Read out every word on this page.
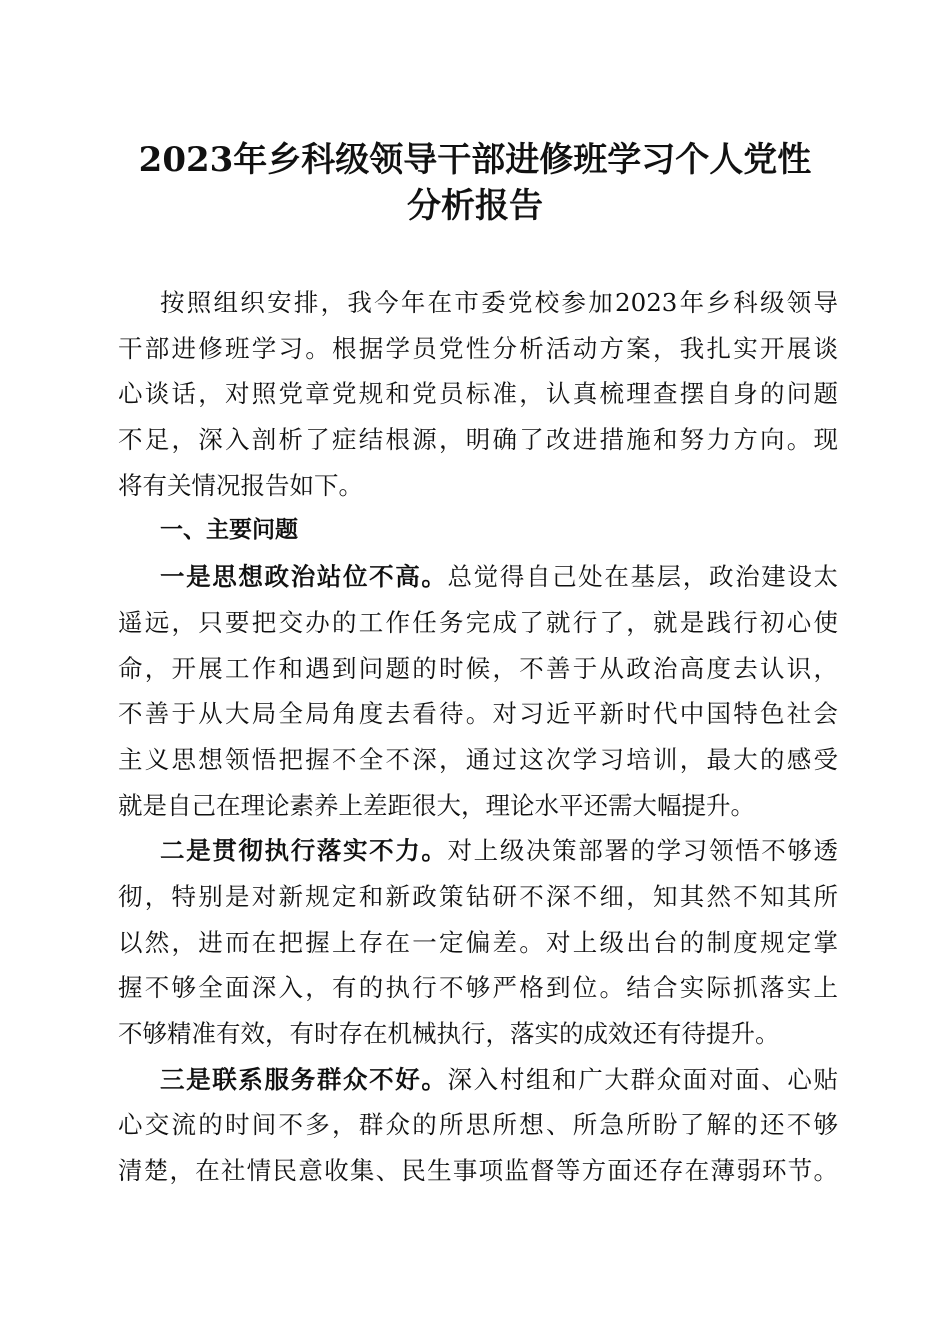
2023年乡科级领导干部进修班学习个人党性
分析报告
按照组织安排，我今年在市委党校参加2023年乡科级领导
干部进修班学习。根据学员党性分析活动方案，我扎实开展谈
心谈话，对照党章党规和党员标准，认真梳理查摆自身的问题
不足，深入剖析了症结根源，明确了改进措施和努力方向。现
将有关情况报告如下。
一、主要问题
一是思想政治站位不高。总觉得自己处在基层，政治建设太
遥远，只要把交办的工作任务完成了就行了，就是践行初心使
命，开展工作和遇到问题的时候，不善于从政治高度去认识，
不善于从大局全局角度去看待。对习近平新时代中国特色社会
主义思想领悟把握不全不深，通过这次学习培训，最大的感受
就是自己在理论素养上差距很大，理论水平还需大幅提升。
二是贯彻执行落实不力。对上级决策部署的学习领悟不够透
彻，特别是对新规定和新政策钻研不深不细，知其然不知其所
以然，进而在把握上存在一定偏差。对上级出台的制度规定掌
握不够全面深入，有的执行不够严格到位。结合实际抓落实上
不够精准有效，有时存在机械执行，落实的成效还有待提升。
三是联系服务群众不好。深入村组和广大群众面对面、心贴
心交流的时间不多，群众的所思所想、所急所盼了解的还不够
清楚，在社情民意收集、民生事项监督等方面还存在薄弱环节。
